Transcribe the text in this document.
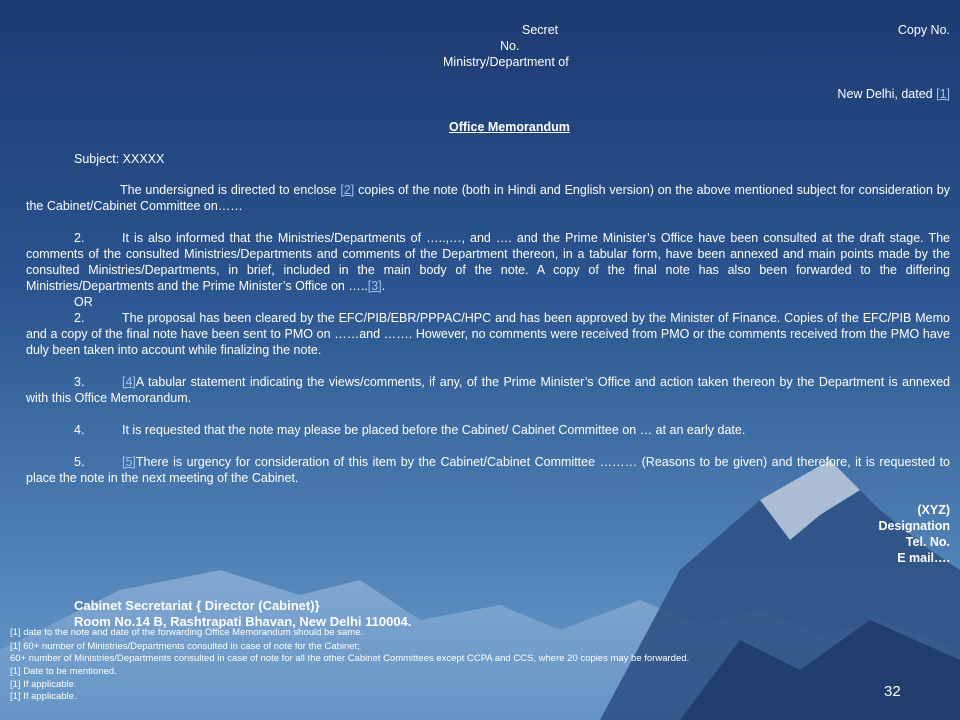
Secret	Copy No.
No.
Ministry/Department of
New Delhi, dated [1]
Office Memorandum
Subject: XXXXX
The undersigned is directed to enclose [2] copies of the note (both in Hindi and English version) on the above mentioned subject for consideration by the Cabinet/Cabinet Committee on……
2.	It is also informed that the Ministries/Departments of …..,…, and …. and the Prime Minister’s Office have been consulted at the draft stage. The comments of the consulted Ministries/Departments and comments of the Department thereon, in a tabular form, have been annexed and main points made by the consulted Ministries/Departments, in brief, included in the main body of the note. A copy of the final note has also been forwarded to the differing Ministries/Departments and the Prime Minister’s Office on …..[3].
OR
2.	The proposal has been cleared by the EFC/PIB/EBR/PPPAC/HPC and has been approved by the Minister of Finance. Copies of the EFC/PIB Memo and a copy of the final note have been sent to PMO on ……and ……. However, no comments were received from PMO or the comments received from the PMO have duly been taken into account while finalizing the note.
3.	[4]A tabular statement indicating the views/comments, if any, of the Prime Minister’s Office and action taken thereon by the Department is annexed with this Office Memorandum.
4.	It is requested that the note may please be placed before the Cabinet/ Cabinet Committee on … at an early date.
5.	[5]There is urgency for consideration of this item by the Cabinet/Cabinet Committee ……… (Reasons to be given) and therefore, it is requested to place the note in the next meeting of the Cabinet.
(XYZ)
Designation
Tel. No.
E mail….
Cabinet Secretariat { Director (Cabinet)}
Room No.14 B, Rashtrapati Bhavan, New Delhi 110004.
[1] date to the note and date of the forwarding Office Memorandum should be same.
[1] 60+ number of Ministries/Departments consulted in case of note for the Cabinet;
60+ number of Ministries/Departments consulted in case of note for all the other Cabinet Committees except CCPA and CCS, where 20 copies may be forwarded.
[1] Date to be mentioned.
[1] If applicable.
[1] If applicable.	32
